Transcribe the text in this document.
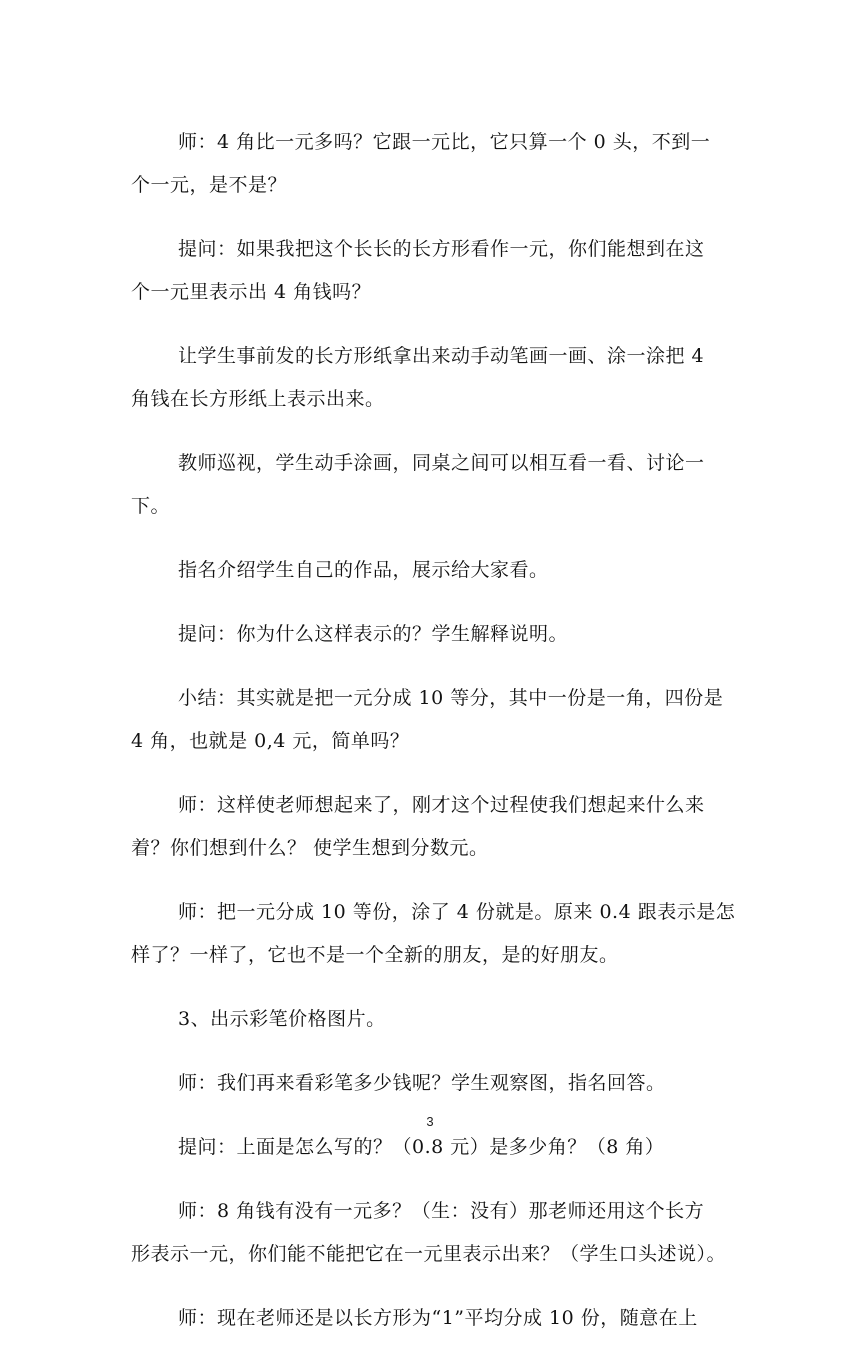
师：4 角比一元多吗？它跟一元比，它只算一个 0 头，不到一
个一元，是不是？
提问：如果我把这个长长的长方形看作一元，你们能想到在这
个一元里表示出 4 角钱吗？
让学生事前发的长方形纸拿出来动手动笔画一画、涂一涂把 4
角钱在长方形纸上表示出来。
教师巡视，学生动手涂画，同桌之间可以相互看一看、讨论一
下。
指名介绍学生自己的作品，展示给大家看。
提问：你为什么这样表示的？学生解释说明。
小结：其实就是把一元分成 10 等分，其中一份是一角，四份是
4 角，也就是 0,4 元，简单吗？
师：这样使老师想起来了，刚才这个过程使我们想起来什么来
着？你们想到什么？ 使学生想到分数元。
师：把一元分成 10 等份，涂了 4 份就是。原来 0.4 跟表示是怎
样了？一样了，它也不是一个全新的朋友，是的好朋友。
3、出示彩笔价格图片。
师：我们再来看彩笔多少钱呢？学生观察图，指名回答。
提问：上面是怎么写的？（0.8 元）是多少角？（8 角）
师：8 角钱有没有一元多？（生：没有）那老师还用这个长方
形表示一元，你们能不能把它在一元里表示出来？（学生口头述说）。
师：现在老师还是以长方形为“1”平均分成 10 份，随意在上
3
